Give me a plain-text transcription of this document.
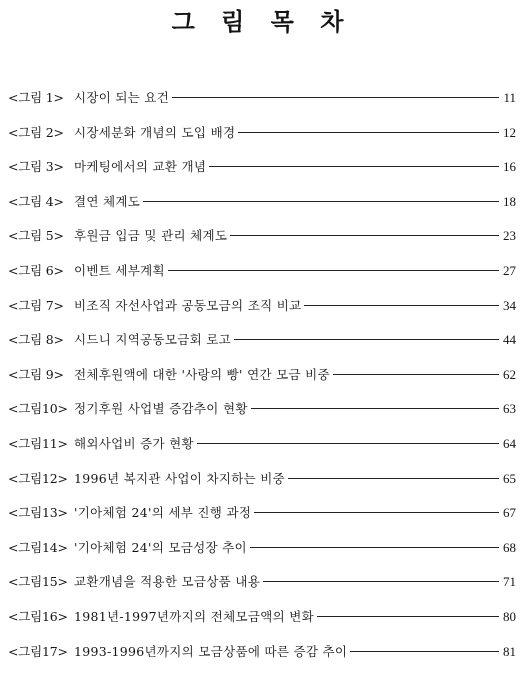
그 림 목 차
<그림 1> 시장이 되는 요건	11
<그림 2> 시장세분화 개념의 도입 배경	12
<그림 3> 마케팅에서의 교환 개념	16
<그림 4> 결연 체계도	18
<그림 5> 후원금 입금 및 관리 체계도	23
<그림 6> 이벤트 세부계획	27
<그림 7> 비조직 자선사업과 공동모금의 조직 비교	34
<그림 8> 시드니 지역공동모금회 로고	44
<그림 9> 전체후원액에 대한 '사랑의 빵' 연간 모금 비중	62
<그림10> 정기후원 사업별 증감추이 현황	63
<그림11> 해외사업비 증가 현황	64
<그림12> 1996년 복지관 사업이 차지하는 비중	65
<그림13> '기아체험 24'의 세부 진행 과정	67
<그림14> '기아체험 24'의 모금성장 추이	68
<그림15> 교환개념을 적용한 모금상품 내용	71
<그림16> 1981년-1997년까지의 전체모금액의 변화	80
<그림17> 1993-1996년까지의 모금상품에 따른 증감 추이	81
